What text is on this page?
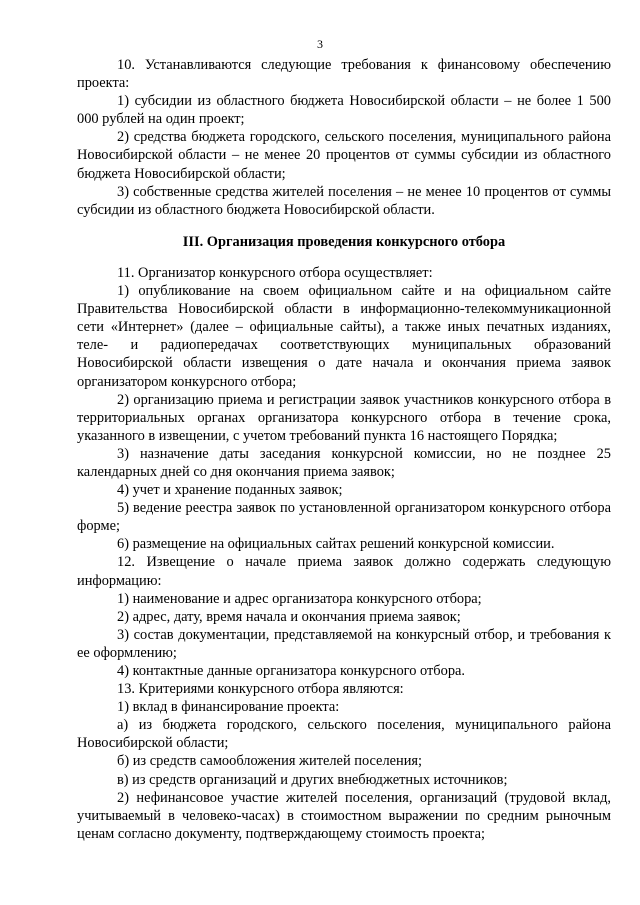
3

10. Устанавливаются следующие требования к финансовому обеспечению проекта:

1) субсидии из областного бюджета Новосибирской области – не более 1 500 000 рублей на один проект;

2) средства бюджета городского, сельского поселения, муниципального района Новосибирской области – не менее 20 процентов от суммы субсидии из областного бюджета Новосибирской области;

3) собственные средства жителей поселения – не менее 10 процентов от суммы субсидии из областного бюджета Новосибирской области.

III. Организация проведения конкурсного отбора

11. Организатор конкурсного отбора осуществляет:

1) опубликование на своем официальном сайте и на официальном сайте Правительства Новосибирской области в информационно-телекоммуникационной сети «Интернет» (далее – официальные сайты), а также иных печатных изданиях, теле- и радиопередачах соответствующих муниципальных образований Новосибирской области извещения о дате начала и окончания приема заявок организатором конкурсного отбора;

2) организацию приема и регистрации заявок участников конкурсного отбора в территориальных органах организатора конкурсного отбора в течение срока, указанного в извещении, с учетом требований пункта 16 настоящего Порядка;

3) назначение даты заседания конкурсной комиссии, но не позднее 25 календарных дней со дня окончания приема заявок;

4) учет и хранение поданных заявок;

5) ведение реестра заявок по установленной организатором конкурсного отбора форме;

6) размещение на официальных сайтах решений конкурсной комиссии.

12. Извещение о начале приема заявок должно содержать следующую информацию:

1) наименование и адрес организатора конкурсного отбора;

2) адрес, дату, время начала и окончания приема заявок;

3) состав документации, представляемой на конкурсный отбор, и требования к ее оформлению;

4) контактные данные организатора конкурсного отбора.

13. Критериями конкурсного отбора являются:

1) вклад в финансирование проекта:

а) из бюджета городского, сельского поселения, муниципального района Новосибирской области;

б) из средств самообложения жителей поселения;

в) из средств организаций и других внебюджетных источников;

2) нефинансовое участие жителей поселения, организаций (трудовой вклад, учитываемый в человеко-часах) в стоимостном выражении по средним рыночным ценам согласно документу, подтверждающему стоимость проекта;
